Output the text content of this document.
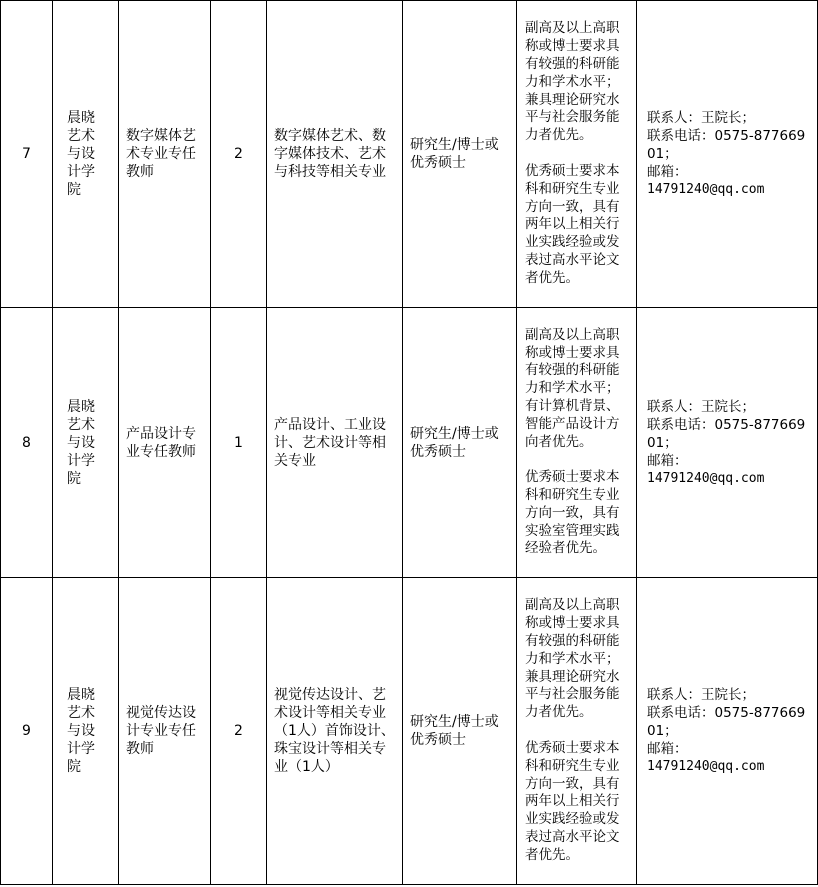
7	晨晓艺术与设计学院	数字媒体艺术专业专任教师	2	数字媒体艺术、数字媒体技术、艺术与科技等相关专业	研究生/博士或优秀硕士	副高及以上高职称或博士要求具有较强的科研能力和学术水平；兼具理论研究水平与社会服务能力者优先。
优秀硕士要求本科和研究生专业方向一致，具有两年以上相关行业实践经验或发表过高水平论文者优先。	联系人：王院长；
联系电话：0575-87766901；
邮箱：
14791240@qq.com

8	晨晓艺术与设计学院	产品设计专业专任教师	1	产品设计、工业设计、艺术设计等相关专业	研究生/博士或优秀硕士	副高及以上高职称或博士要求具有较强的科研能力和学术水平；有计算机背景、智能产品设计方向者优先。
优秀硕士要求本科和研究生专业方向一致，具有实验室管理实践经验者优先。	联系人：王院长；
联系电话：0575-87766901；
邮箱：
14791240@qq.com

9	晨晓艺术与设计学院	视觉传达设计专业专任教师	2	视觉传达设计、艺术设计等相关专业（1人）首饰设计、珠宝设计等相关专业（1人）	研究生/博士或优秀硕士	副高及以上高职称或博士要求具有较强的科研能力和学术水平；兼具理论研究水平与社会服务能力者优先。
优秀硕士要求本科和研究生专业方向一致，具有两年以上相关行业实践经验或发表过高水平论文者优先。	联系人：王院长；
联系电话：0575-87766901；
邮箱：
14791240@qq.com
